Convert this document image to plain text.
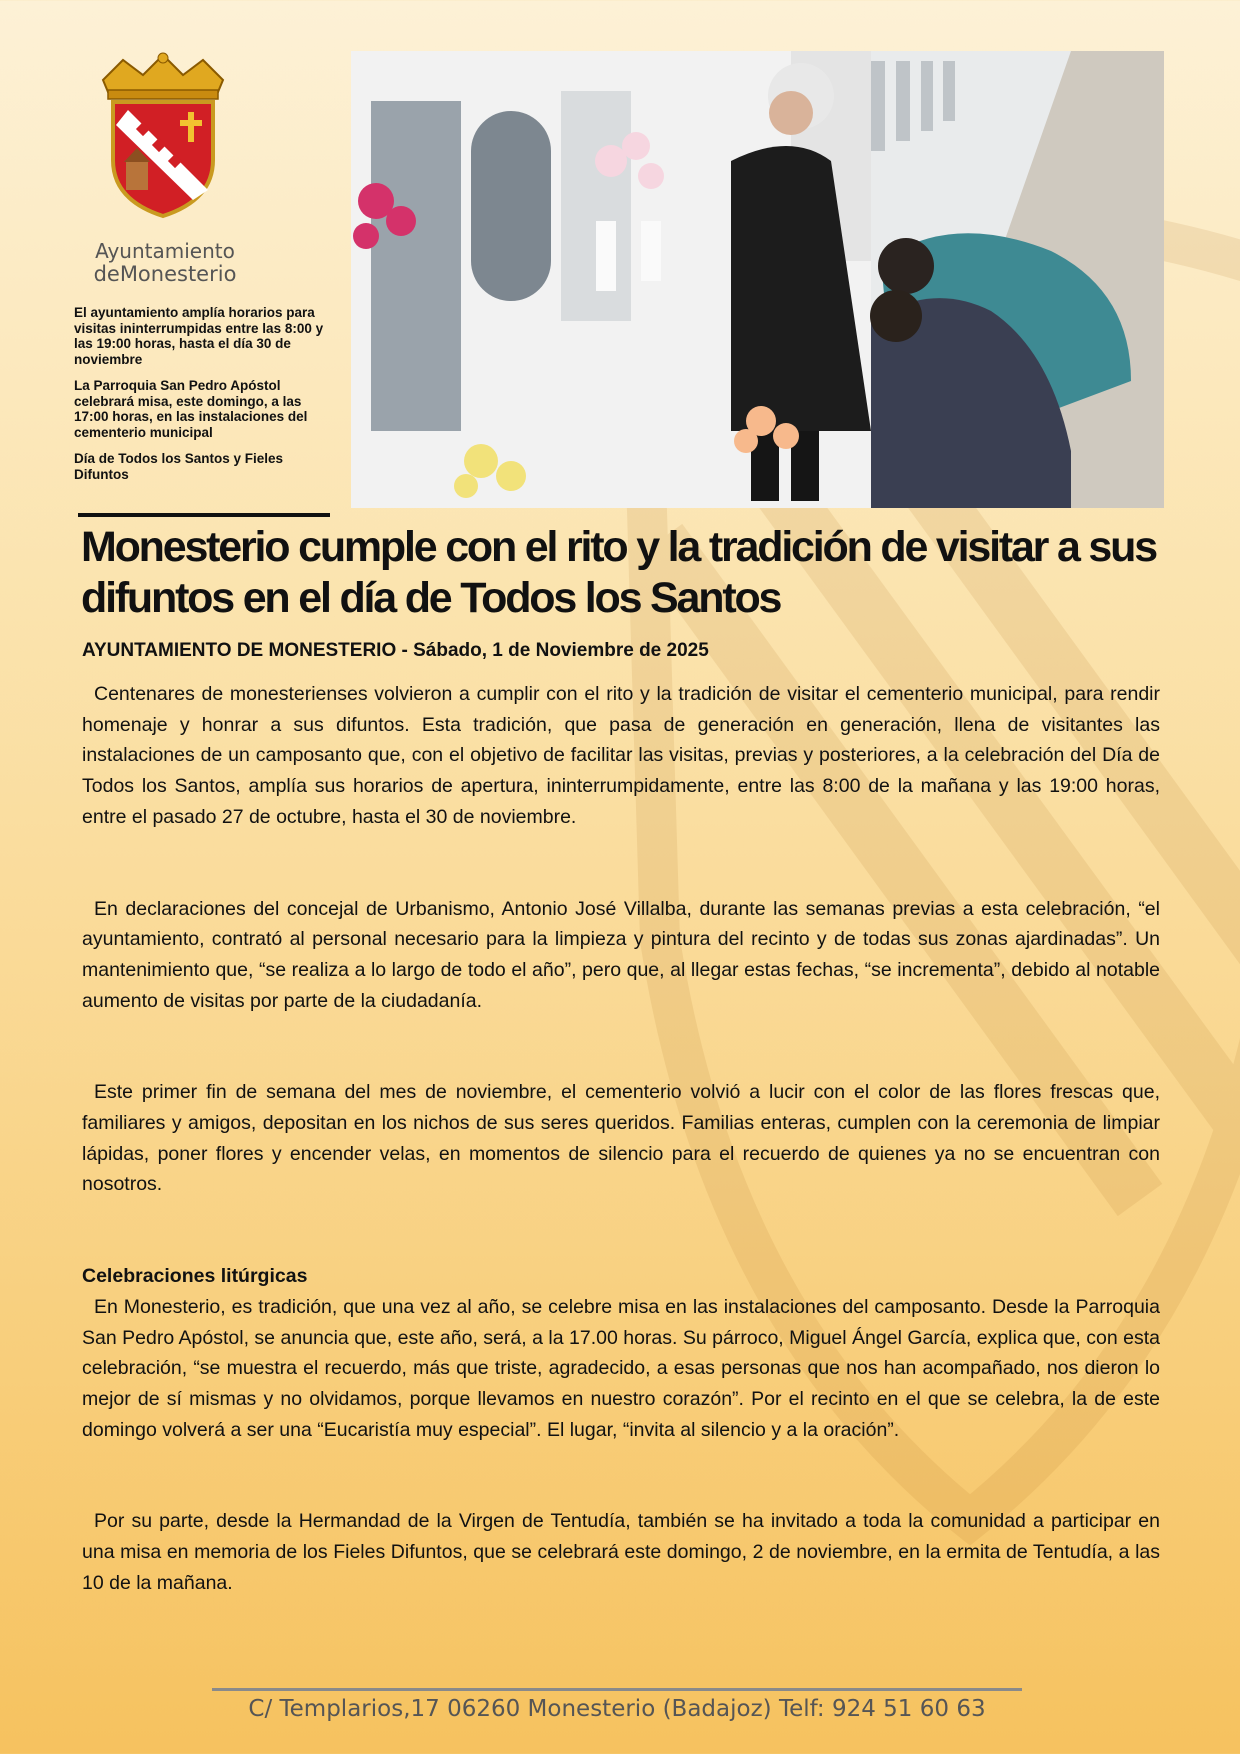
Ayuntamiento
deMonesterio

El ayuntamiento amplía horarios para visitas ininterrumpidas entre las 8:00 y las 19:00 horas, hasta el día 30 de noviembre

La Parroquia San Pedro Apóstol celebrará misa, este domingo, a las 17:00 horas, en las instalaciones del cementerio municipal

Día de Todos los Santos y Fieles Difuntos

Monesterio cumple con el rito y la tradición de visitar a sus difuntos en el día de Todos los Santos
AYUNTAMIENTO DE MONESTERIO - Sábado, 1 de Noviembre de 2025

Centenares de monesterienses volvieron a cumplir con el rito y la tradición de visitar el cementerio municipal, para rendir homenaje y honrar a sus difuntos. Esta tradición, que pasa de generación en generación, llena de visitantes las instalaciones de un camposanto que, con el objetivo de facilitar las visitas, previas y posteriores, a la celebración del Día de Todos los Santos, amplía sus horarios de apertura, ininterrumpidamente, entre las 8:00 de la mañana y las 19:00 horas, entre el pasado 27 de octubre, hasta el 30 de noviembre.

En declaraciones del concejal de Urbanismo, Antonio José Villalba, durante las semanas previas a esta celebración, “el ayuntamiento, contrató al personal necesario para la limpieza y pintura del recinto y de todas sus zonas ajardinadas”. Un mantenimiento que, “se realiza a lo largo de todo el año”, pero que, al llegar estas fechas, “se incrementa”, debido al notable aumento de visitas por parte de la ciudadanía.

Este primer fin de semana del mes de noviembre, el cementerio volvió a lucir con el color de las flores frescas que, familiares y amigos, depositan en los nichos de sus seres queridos. Familias enteras, cumplen con la ceremonia de limpiar lápidas, poner flores y encender velas, en momentos de silencio para el recuerdo de quienes ya no se encuentran con nosotros.

Celebraciones litúrgicas

En Monesterio, es tradición, que una vez al año, se celebre misa en las instalaciones del camposanto. Desde la Parroquia San Pedro Apóstol, se anuncia que, este año, será, a la 17.00 horas. Su párroco, Miguel Ángel García, explica que, con esta celebración, “se muestra el recuerdo, más que triste, agradecido, a esas personas que nos han acompañado, nos dieron lo mejor de sí mismas y no olvidamos, porque llevamos en nuestro corazón”. Por el recinto en el que se celebra, la de este domingo volverá a ser una “Eucaristía muy especial”. El lugar, “invita al silencio y a la oración”.

Por su parte, desde la Hermandad de la Virgen de Tentudía, también se ha invitado a toda la comunidad a participar en una misa en memoria de los Fieles Difuntos, que se celebrará este domingo, 2 de noviembre, en la ermita de Tentudía, a las 10 de la mañana.

C/ Templarios,17 06260 Monesterio (Badajoz) Telf: 924 51 60 63
